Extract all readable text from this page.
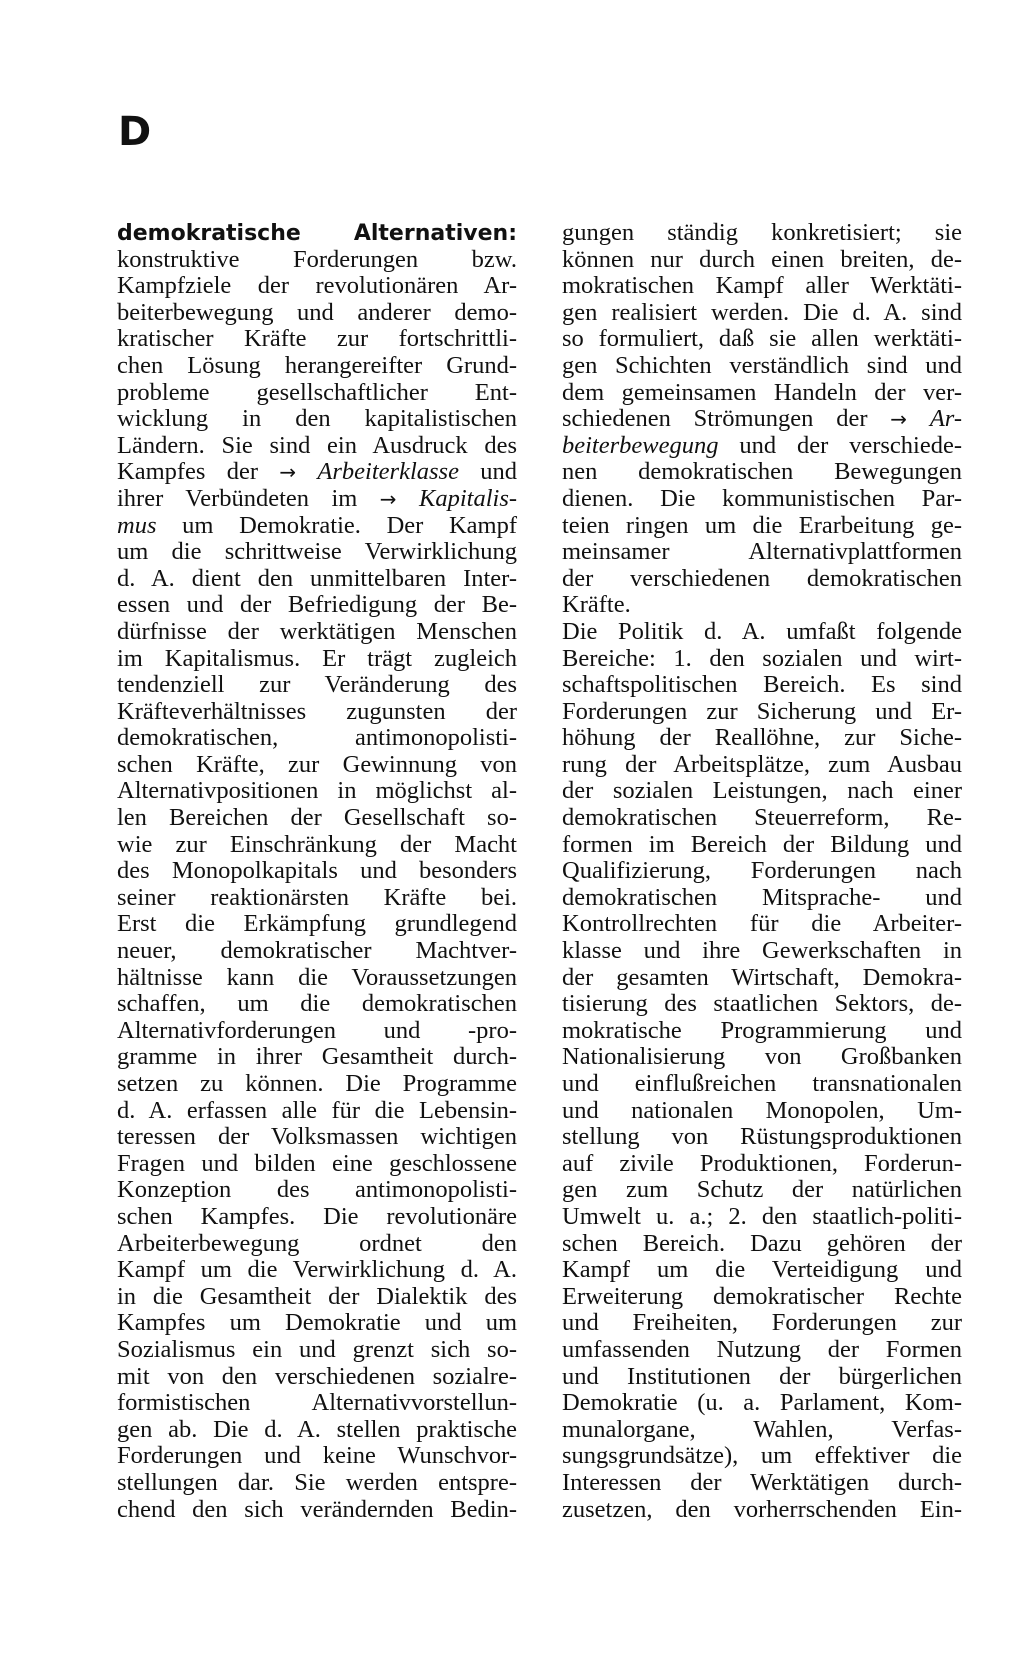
D
demokratische Alternativen:
konstruktive Forderungen bzw.
Kampfziele der revolutionären Ar-
beiterbewegung und anderer demo-
kratischer Kräfte zur fortschrittli-
chen Lösung herangereifter Grund-
probleme gesellschaftlicher Ent-
wicklung in den kapitalistischen
Ländern. Sie sind ein Ausdruck des
Kampfes der → Arbeiterklasse und
ihrer Verbündeten im → Kapitalis-
mus um Demokratie. Der Kampf
um die schrittweise Verwirklichung
d. A. dient den unmittelbaren Inter-
essen und der Befriedigung der Be-
dürfnisse der werktätigen Menschen
im Kapitalismus. Er trägt zugleich
tendenziell zur Veränderung des
Kräfteverhältnisses zugunsten der
demokratischen, antimonopolisti-
schen Kräfte, zur Gewinnung von
Alternativpositionen in möglichst al-
len Bereichen der Gesellschaft so-
wie zur Einschränkung der Macht
des Monopolkapitals und besonders
seiner reaktionärsten Kräfte bei.
Erst die Erkämpfung grundlegend
neuer, demokratischer Machtver-
hältnisse kann die Voraussetzungen
schaffen, um die demokratischen
Alternativforderungen und -pro-
gramme in ihrer Gesamtheit durch-
setzen zu können. Die Programme
d. A. erfassen alle für die Lebensin-
teressen der Volksmassen wichtigen
Fragen und bilden eine geschlossene
Konzeption des antimonopolisti-
schen Kampfes. Die revolutionäre
Arbeiterbewegung ordnet den
Kampf um die Verwirklichung d. A.
in die Gesamtheit der Dialektik des
Kampfes um Demokratie und um
Sozialismus ein und grenzt sich so-
mit von den verschiedenen sozialre-
formistischen Alternativvorstellun-
gen ab. Die d. A. stellen praktische
Forderungen und keine Wunschvor-
stellungen dar. Sie werden entspre-
chend den sich verändernden Bedin-
gungen ständig konkretisiert; sie
können nur durch einen breiten, de-
mokratischen Kampf aller Werktäti-
gen realisiert werden. Die d. A. sind
so formuliert, daß sie allen werktäti-
gen Schichten verständlich sind und
dem gemeinsamen Handeln der ver-
schiedenen Strömungen der → Ar-
beiterbewegung und der verschiede-
nen demokratischen Bewegungen
dienen. Die kommunistischen Par-
teien ringen um die Erarbeitung ge-
meinsamer Alternativplattformen
der verschiedenen demokratischen
Kräfte.
Die Politik d. A. umfaßt folgende
Bereiche: 1. den sozialen und wirt-
schaftspolitischen Bereich. Es sind
Forderungen zur Sicherung und Er-
höhung der Reallöhne, zur Siche-
rung der Arbeitsplätze, zum Ausbau
der sozialen Leistungen, nach einer
demokratischen Steuerreform, Re-
formen im Bereich der Bildung und
Qualifizierung, Forderungen nach
demokratischen Mitsprache- und
Kontrollrechten für die Arbeiter-
klasse und ihre Gewerkschaften in
der gesamten Wirtschaft, Demokra-
tisierung des staatlichen Sektors, de-
mokratische Programmierung und
Nationalisierung von Großbanken
und einflußreichen transnationalen
und nationalen Monopolen, Um-
stellung von Rüstungsproduktionen
auf zivile Produktionen, Forderun-
gen zum Schutz der natürlichen
Umwelt u. a.; 2. den staatlich-politi-
schen Bereich. Dazu gehören der
Kampf um die Verteidigung und
Erweiterung demokratischer Rechte
und Freiheiten, Forderungen zur
umfassenden Nutzung der Formen
und Institutionen der bürgerlichen
Demokratie (u. a. Parlament, Kom-
munalorgane, Wahlen, Verfas-
sungsgrundsätze), um effektiver die
Interessen der Werktätigen durch-
zusetzen, den vorherrschenden Ein-
